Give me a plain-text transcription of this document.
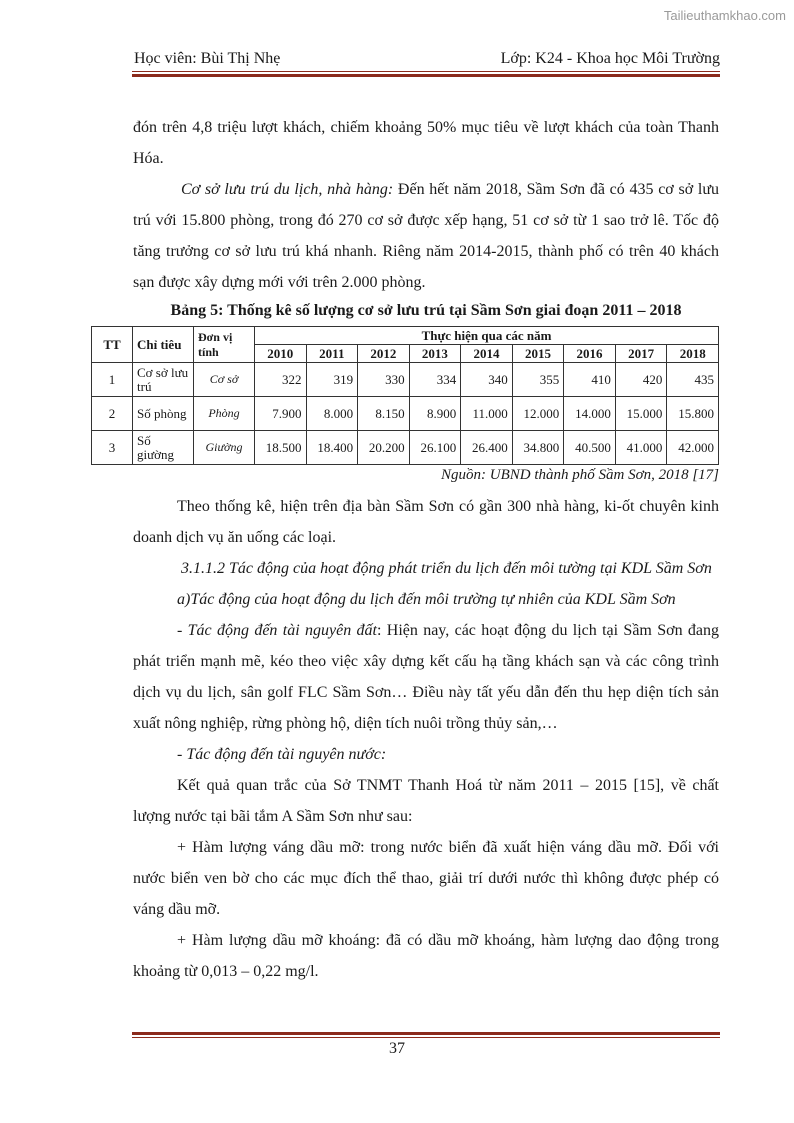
Tailieuthamkhao.com
Học viên: Bùi Thị Nhẹ	Lớp: K24 - Khoa học Môi Trường

đón trên 4,8 triệu lượt khách, chiếm khoảng 50% mục tiêu về lượt khách của toàn Thanh Hóa.

Cơ sở lưu trú du lịch, nhà hàng: Đến hết năm 2018, Sầm Sơn đã có 435 cơ sở lưu trú với 15.800 phòng, trong đó 270 cơ sở được xếp hạng, 51 cơ sở từ 1 sao trở lê. Tốc độ tăng trưởng cơ sở lưu trú khá nhanh. Riêng năm 2014-2015, thành phố có trên 40 khách sạn được xây dựng mới với trên 2.000 phòng.

Bảng 5: Thống kê số lượng cơ sở lưu trú tại Sầm Sơn giai đoạn 2011 – 2018

TT	Chỉ tiêu	Đơn vị tính	Thực hiện qua các năm								
			2010	2011	2012	2013	2014	2015	2016	2017	2018
1	Cơ sở lưu trú	Cơ sở	322	319	330	334	340	355	410	420	435
2	Số phòng	Phòng	7.900	8.000	8.150	8.900	11.000	12.000	14.000	15.000	15.800
3	Số giường	Giường	18.500	18.400	20.200	26.100	26.400	34.800	40.500	41.000	42.000

Nguồn: UBND thành phố Sầm Sơn, 2018 [17]

Theo thống kê, hiện trên địa bàn Sầm Sơn có gần 300 nhà hàng, ki-ốt chuyên kinh doanh dịch vụ ăn uống các loại.

3.1.1.2 Tác động của hoạt động phát triển du lịch đến môi tường tại KDL Sầm Sơn

a)Tác động của hoạt động du lịch đến môi trường tự nhiên của KDL Sầm Sơn

- Tác động đến tài nguyên đất: Hiện nay, các hoạt động du lịch tại Sầm Sơn đang phát triển mạnh mẽ, kéo theo việc xây dựng kết cấu hạ tầng khách sạn và các công trình dịch vụ du lịch, sân golf FLC Sầm Sơn… Điều này tất yếu dẫn đến thu hẹp diện tích sản xuất nông nghiệp, rừng phòng hộ, diện tích nuôi trồng thủy sản,…

- Tác động đến tài nguyên nước:

Kết quả quan trắc của Sở TNMT Thanh Hoá từ năm 2011 – 2015 [15], về chất lượng nước tại bãi tắm A Sầm Sơn như sau:

+ Hàm lượng váng dầu mỡ: trong nước biển đã xuất hiện váng dầu mỡ. Đối với nước biển ven bờ cho các mục đích thể thao, giải trí dưới nước thì không được phép có váng dầu mỡ.

+ Hàm lượng dầu mỡ khoáng: đã có dầu mỡ khoáng, hàm lượng dao động trong khoảng từ 0,013 – 0,22 mg/l.

37
